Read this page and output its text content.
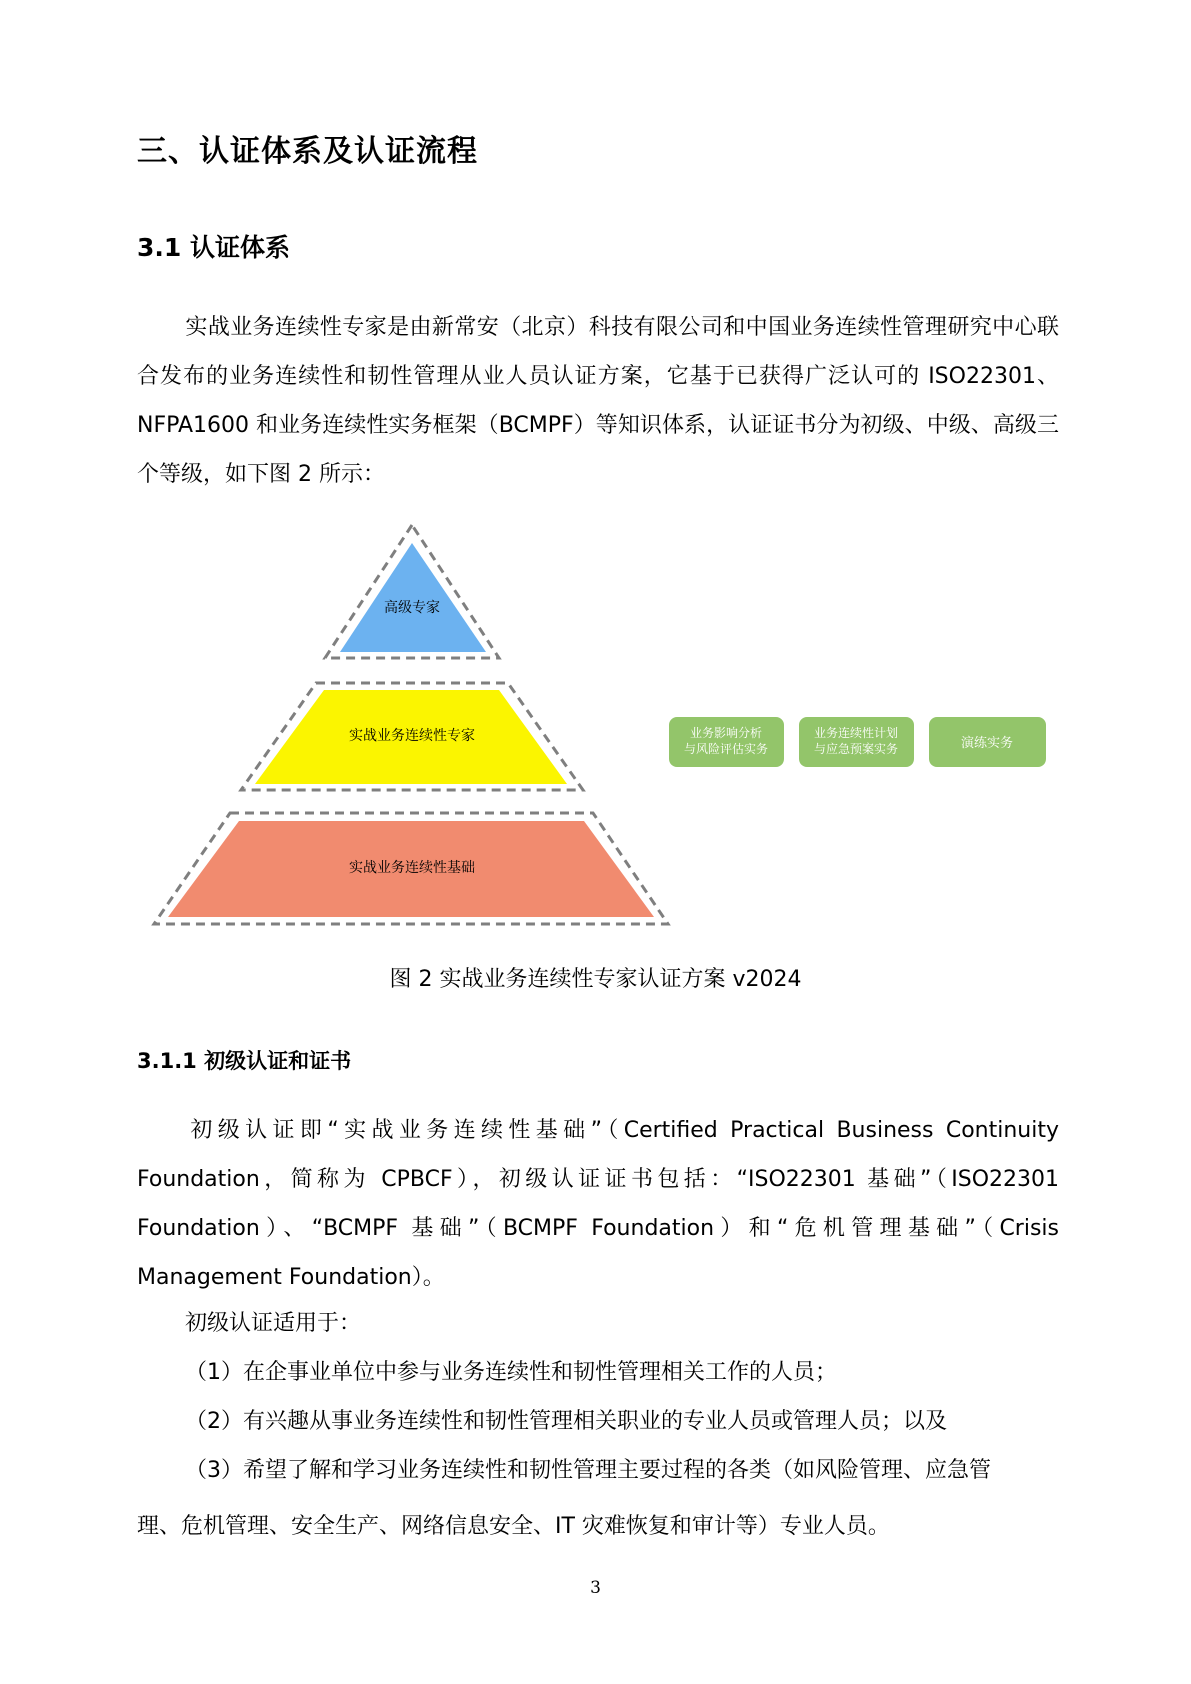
三、认证体系及认证流程
3.1 认证体系

实战业务连续性专家是由新常安（北京）科技有限公司和中国业务连续性管理研究中心联合发布的业务连续性和韧性管理从业人员认证方案，它基于已获得广泛认可的 ISO22301、NFPA1600 和业务连续性实务框架（BCMPF）等知识体系，认证证书分为初级、中级、高级三个等级，如下图 2 所示：

高级专家
实战业务连续性专家
实战业务连续性基础
业务影响分析
与风险评估实务
业务连续性计划
与应急预案实务	演练实务

图 2 实战业务连续性专家认证方案 v2024

3.1.1 初级认证和证书

初级认证即“实战业务连续性基础”（Certified Practical Business Continuity Foundation，简称为 CPBCF），初级认证证书包括：“ISO22301 基础”（ISO22301 Foundation）、“BCMPF 基础”（BCMPF Foundation）和“危机管理基础”（Crisis Management Foundation）。

初级认证适用于：

（1）在企事业单位中参与业务连续性和韧性管理相关工作的人员；

（2）有兴趣从事业务连续性和韧性管理相关职业的专业人员或管理人员；以及

（3）希望了解和学习业务连续性和韧性管理主要过程的各类（如风险管理、应急管

理、危机管理、安全生产、网络信息安全、IT 灾难恢复和审计等）专业人员。

3
